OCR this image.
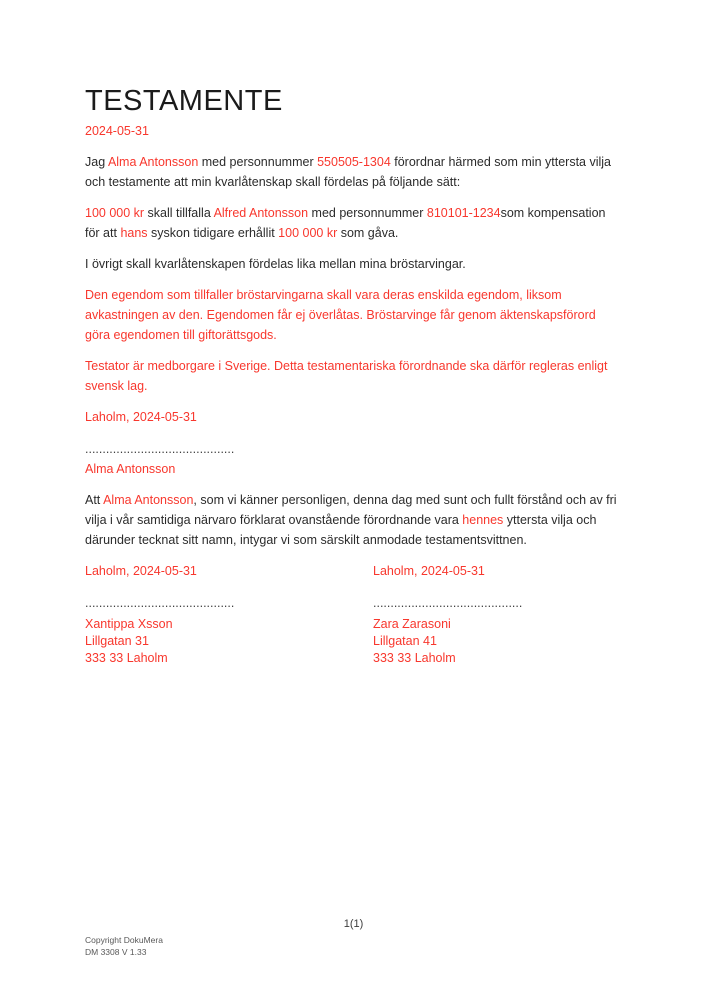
TESTAMENTE
2024-05-31

Jag Alma Antonsson med personnummer 550505-1304 förordnar härmed som min yttersta vilja och testamente att min kvarlåtenskap skall fördelas på följande sätt:

100 000 kr skall tillfalla Alfred Antonsson med personnummer 810101-1234som kompensation för att hans syskon tidigare erhållit 100 000 kr som gåva.

I övrigt skall kvarlåtenskapen fördelas lika mellan mina bröstarvingar.

Den egendom som tillfaller bröstarvingarna skall vara deras enskilda egendom, liksom avkastningen av den. Egendomen får ej överlåtas. Bröstarvinge får genom äktenskapsförord göra egendomen till giftorättsgods.

Testator är medborgare i Sverige. Detta testamentariska förordnande ska därför regleras enligt svensk lag.

Laholm, 2024-05-31
...........................................
Alma Antonsson

Att Alma Antonsson, som vi känner personligen, denna dag med sunt och fullt förstånd och av fri vilja i vår samtidiga närvaro förklarat ovanstående förordnande vara hennes yttersta vilja och därunder tecknat sitt namn, intygar vi som särskilt anmodade testamentsvittnen.

Laholm, 2024-05-31
...........................................
Xantippa Xsson
Lillgatan 31
333 33 Laholm
Laholm, 2024-05-31
...........................................
Zara Zarasoni
Lillgatan 41
333 33 Laholm
1(1)
Copyright DokuMera
DM 3308 V 1.33
